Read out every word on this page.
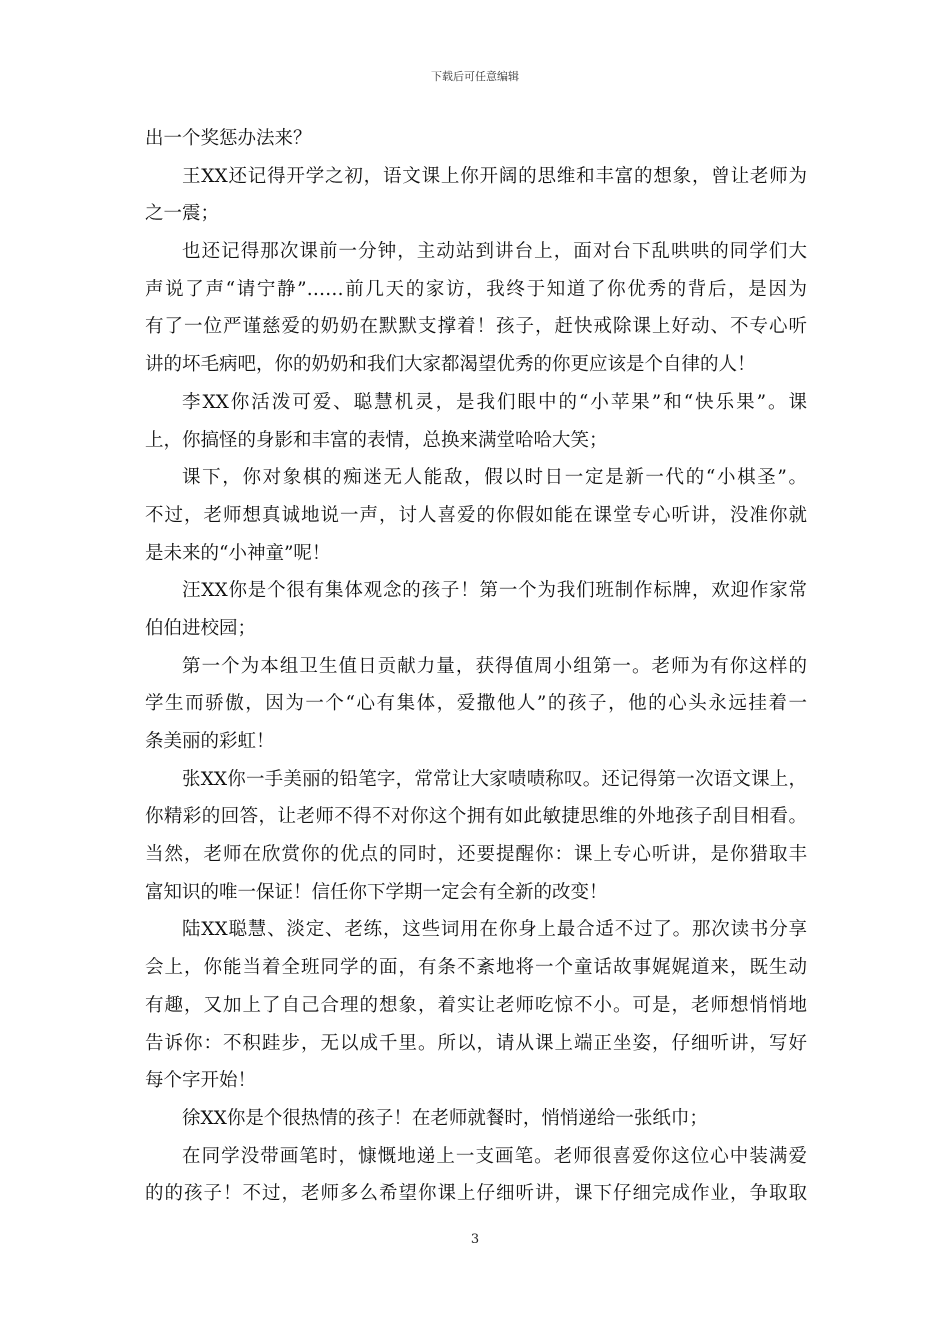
下载后可任意编辑
出一个奖惩办法来？
王XX还记得开学之初，语文课上你开阔的思维和丰富的想象，曾让老师为
之一震；
也还记得那次课前一分钟，主动站到讲台上，面对台下乱哄哄的同学们大
声说了声“请宁静”……前几天的家访，我终于知道了你优秀的背后，是因为
有了一位严谨慈爱的奶奶在默默支撑着！孩子，赶快戒除课上好动、不专心听
讲的坏毛病吧，你的奶奶和我们大家都渴望优秀的你更应该是个自律的人！
李XX你活泼可爱、聪慧机灵，是我们眼中的“小苹果”和“快乐果”。课
上，你搞怪的身影和丰富的表情，总换来满堂哈哈大笑；
课下，你对象棋的痴迷无人能敌，假以时日一定是新一代的“小棋圣”。
不过，老师想真诚地说一声，讨人喜爱的你假如能在课堂专心听讲，没准你就
是未来的“小神童”呢！
汪XX你是个很有集体观念的孩子！第一个为我们班制作标牌，欢迎作家常
伯伯进校园；
第一个为本组卫生值日贡献力量，获得值周小组第一。老师为有你这样的
学生而骄傲，因为一个“心有集体，爱撒他人”的孩子，他的心头永远挂着一
条美丽的彩虹！
张XX你一手美丽的铅笔字，常常让大家啧啧称叹。还记得第一次语文课上，
你精彩的回答，让老师不得不对你这个拥有如此敏捷思维的外地孩子刮目相看。
当然，老师在欣赏你的优点的同时，还要提醒你：课上专心听讲，是你猎取丰
富知识的唯一保证！信任你下学期一定会有全新的改变！
陆XX聪慧、淡定、老练，这些词用在你身上最合适不过了。那次读书分享
会上，你能当着全班同学的面，有条不紊地将一个童话故事娓娓道来，既生动
有趣，又加上了自己合理的想象，着实让老师吃惊不小。可是，老师想悄悄地
告诉你：不积跬步，无以成千里。所以，请从课上端正坐姿，仔细听讲，写好
每个字开始！
徐XX你是个很热情的孩子！在老师就餐时，悄悄递给一张纸巾；
在同学没带画笔时，慷慨地递上一支画笔。老师很喜爱你这位心中装满爱
的的孩子！不过，老师多么希望你课上仔细听讲，课下仔细完成作业，争取取
3
